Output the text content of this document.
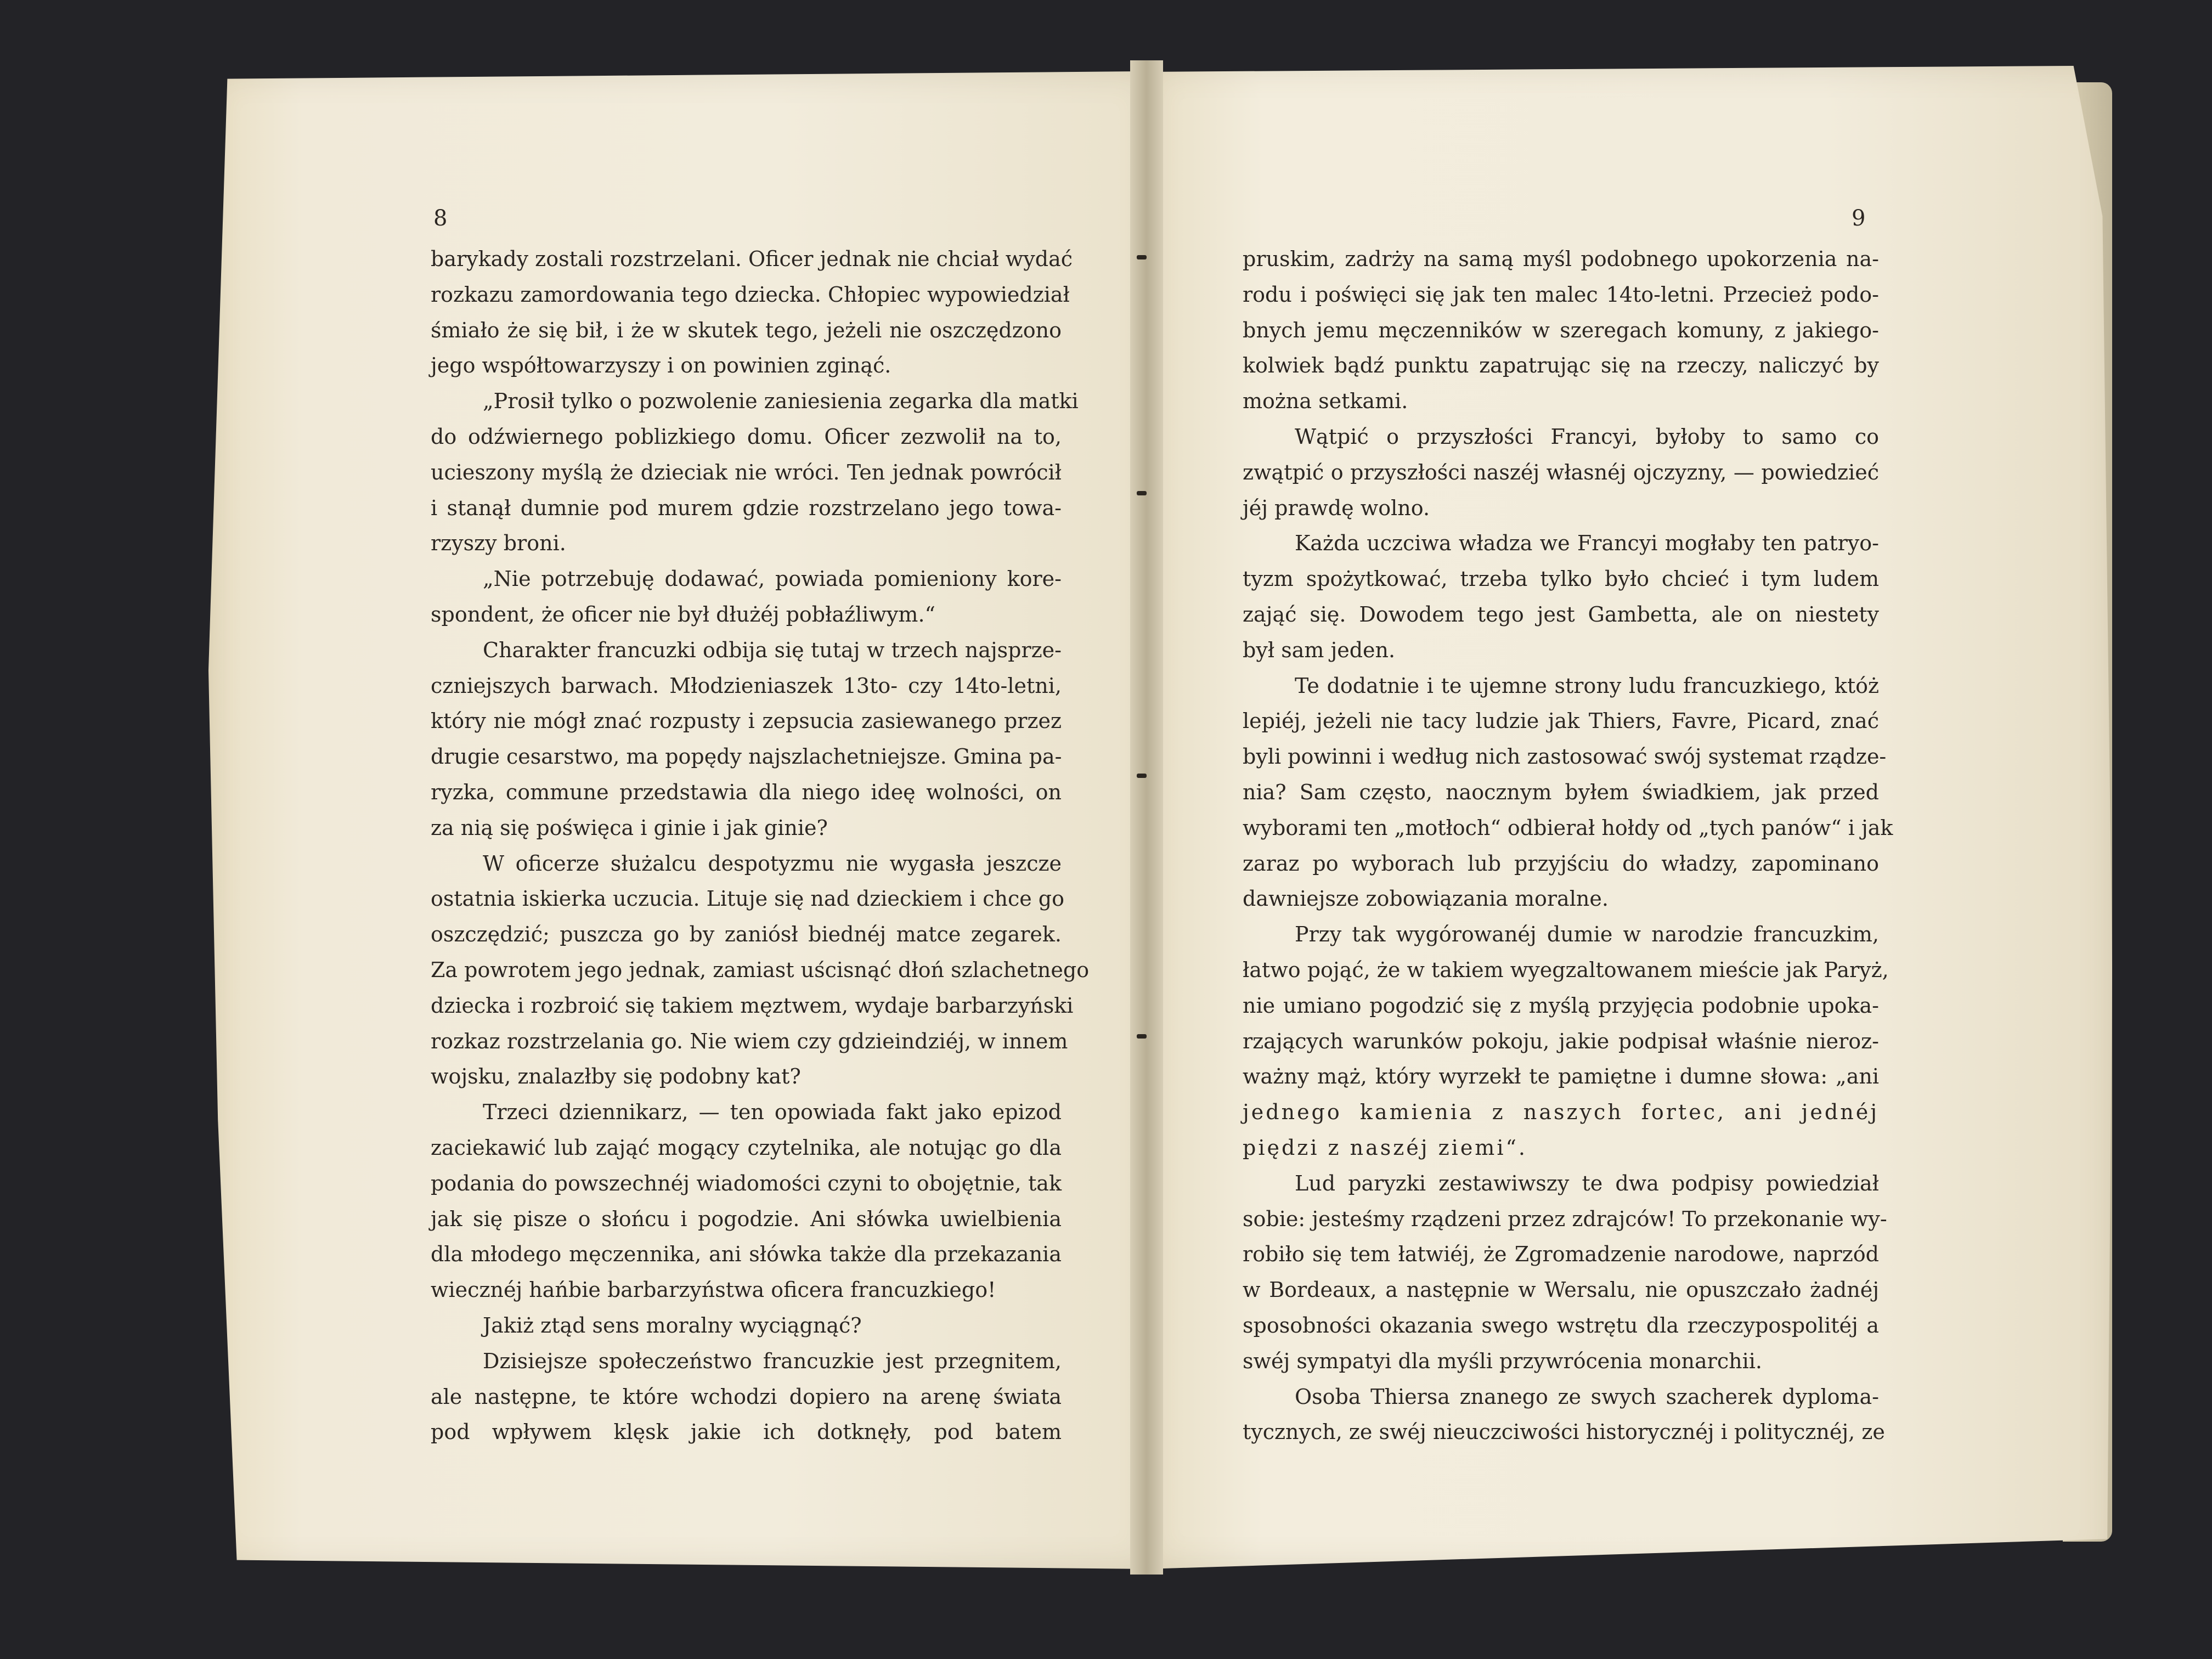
8	9
barykady zostali rozstrzelani. Oficer jednak nie chciał wydać
rozkazu zamordowania tego dziecka. Chłopiec wypowiedział
śmiało że się bił, i że w skutek tego, jeżeli nie oszczędzono
jego współtowarzyszy i on powinien zginąć.
„Prosił tylko o pozwolenie zaniesienia zegarka dla matki
do odźwiernego poblizkiego domu. Oficer zezwolił na to,
ucieszony myślą że dzieciak nie wróci. Ten jednak powrócił
i stanął dumnie pod murem gdzie rozstrzelano jego towa-
rzyszy broni.
„Nie potrzebuję dodawać, powiada pomieniony kore-
spondent, że oficer nie był dłużéj pobłaźliwym.“
Charakter francuzki odbija się tutaj w trzech najsprze-
czniejszych barwach. Młodzieniaszek 13to- czy 14to-letni,
który nie mógł znać rozpusty i zepsucia zasiewanego przez
drugie cesarstwo, ma popędy najszlachetniejsze. Gmina pa-
ryzka, commune przedstawia dla niego ideę wolności, on
za nią się poświęca i ginie i jak ginie?
W oficerze służalcu despotyzmu nie wygasła jeszcze
ostatnia iskierka uczucia. Lituje się nad dzieckiem i chce go
oszczędzić; puszcza go by zaniósł biednéj matce zegarek.
Za powrotem jego jednak, zamiast uścisnąć dłoń szlachetnego
dziecka i rozbroić się takiem męztwem, wydaje barbarzyński
rozkaz rozstrzelania go. Nie wiem czy gdzieindziéj, w innem
wojsku, znalazłby się podobny kat?
Trzeci dziennikarz, — ten opowiada fakt jako epizod
zaciekawić lub zająć mogący czytelnika, ale notując go dla
podania do powszechnéj wiadomości czyni to obojętnie, tak
jak się pisze o słońcu i pogodzie. Ani słówka uwielbienia
dla młodego męczennika, ani słówka także dla przekazania
wiecznéj hańbie barbarzyństwa oficera francuzkiego!
Jakiż ztąd sens moralny wyciągnąć?
Dzisiejsze społeczeństwo francuzkie jest przegnitem,
ale następne, te które wchodzi dopiero na arenę świata
pod wpływem klęsk jakie ich dotknęły, pod batem
pruskim, zadrży na samą myśl podobnego upokorzenia na-
rodu i poświęci się jak ten malec 14to-letni. Przecież podo-
bnych jemu męczenników w szeregach komuny, z jakiego-
kolwiek bądź punktu zapatrując się na rzeczy, naliczyć by
można setkami.
Wątpić o przyszłości Francyi, byłoby to samo co
zwątpić o przyszłości naszéj własnéj ojczyzny, — powiedzieć
jéj prawdę wolno.
Każda uczciwa władza we Francyi mogłaby ten patryo-
tyzm spożytkować, trzeba tylko było chcieć i tym ludem
zająć się. Dowodem tego jest Gambetta, ale on niestety
był sam jeden.
Te dodatnie i te ujemne strony ludu francuzkiego, któż
lepiéj, jeżeli nie tacy ludzie jak Thiers, Favre, Picard, znać
byli powinni i według nich zastosować swój systemat rządze-
nia? Sam często, naocznym byłem świadkiem, jak przed
wyborami ten „motłoch“ odbierał hołdy od „tych panów“ i jak
zaraz po wyborach lub przyjściu do władzy, zapominano
dawniejsze zobowiązania moralne.
Przy tak wygórowanéj dumie w narodzie francuzkim,
łatwo pojąć, że w takiem wyegzaltowanem mieście jak Paryż,
nie umiano pogodzić się z myślą przyjęcia podobnie upoka-
rzających warunków pokoju, jakie podpisał właśnie nieroz-
ważny mąż, który wyrzekł te pamiętne i dumne słowa: „ani
jednego kamienia z naszych fortec, ani jednéj
piędzi z naszéj ziemi“.
Lud paryzki zestawiwszy te dwa podpisy powiedział
sobie: jesteśmy rządzeni przez zdrajców! To przekonanie wy-
robiło się tem łatwiéj, że Zgromadzenie narodowe, naprzód
w Bordeaux, a następnie w Wersalu, nie opuszczało żadnéj
sposobności okazania swego wstrętu dla rzeczypospolitéj a
swéj sympatyi dla myśli przywrócenia monarchii.
Osoba Thiersa znanego ze swych szacherek dyploma-
tycznych, ze swéj nieuczciwości historycznéj i politycznéj, ze
